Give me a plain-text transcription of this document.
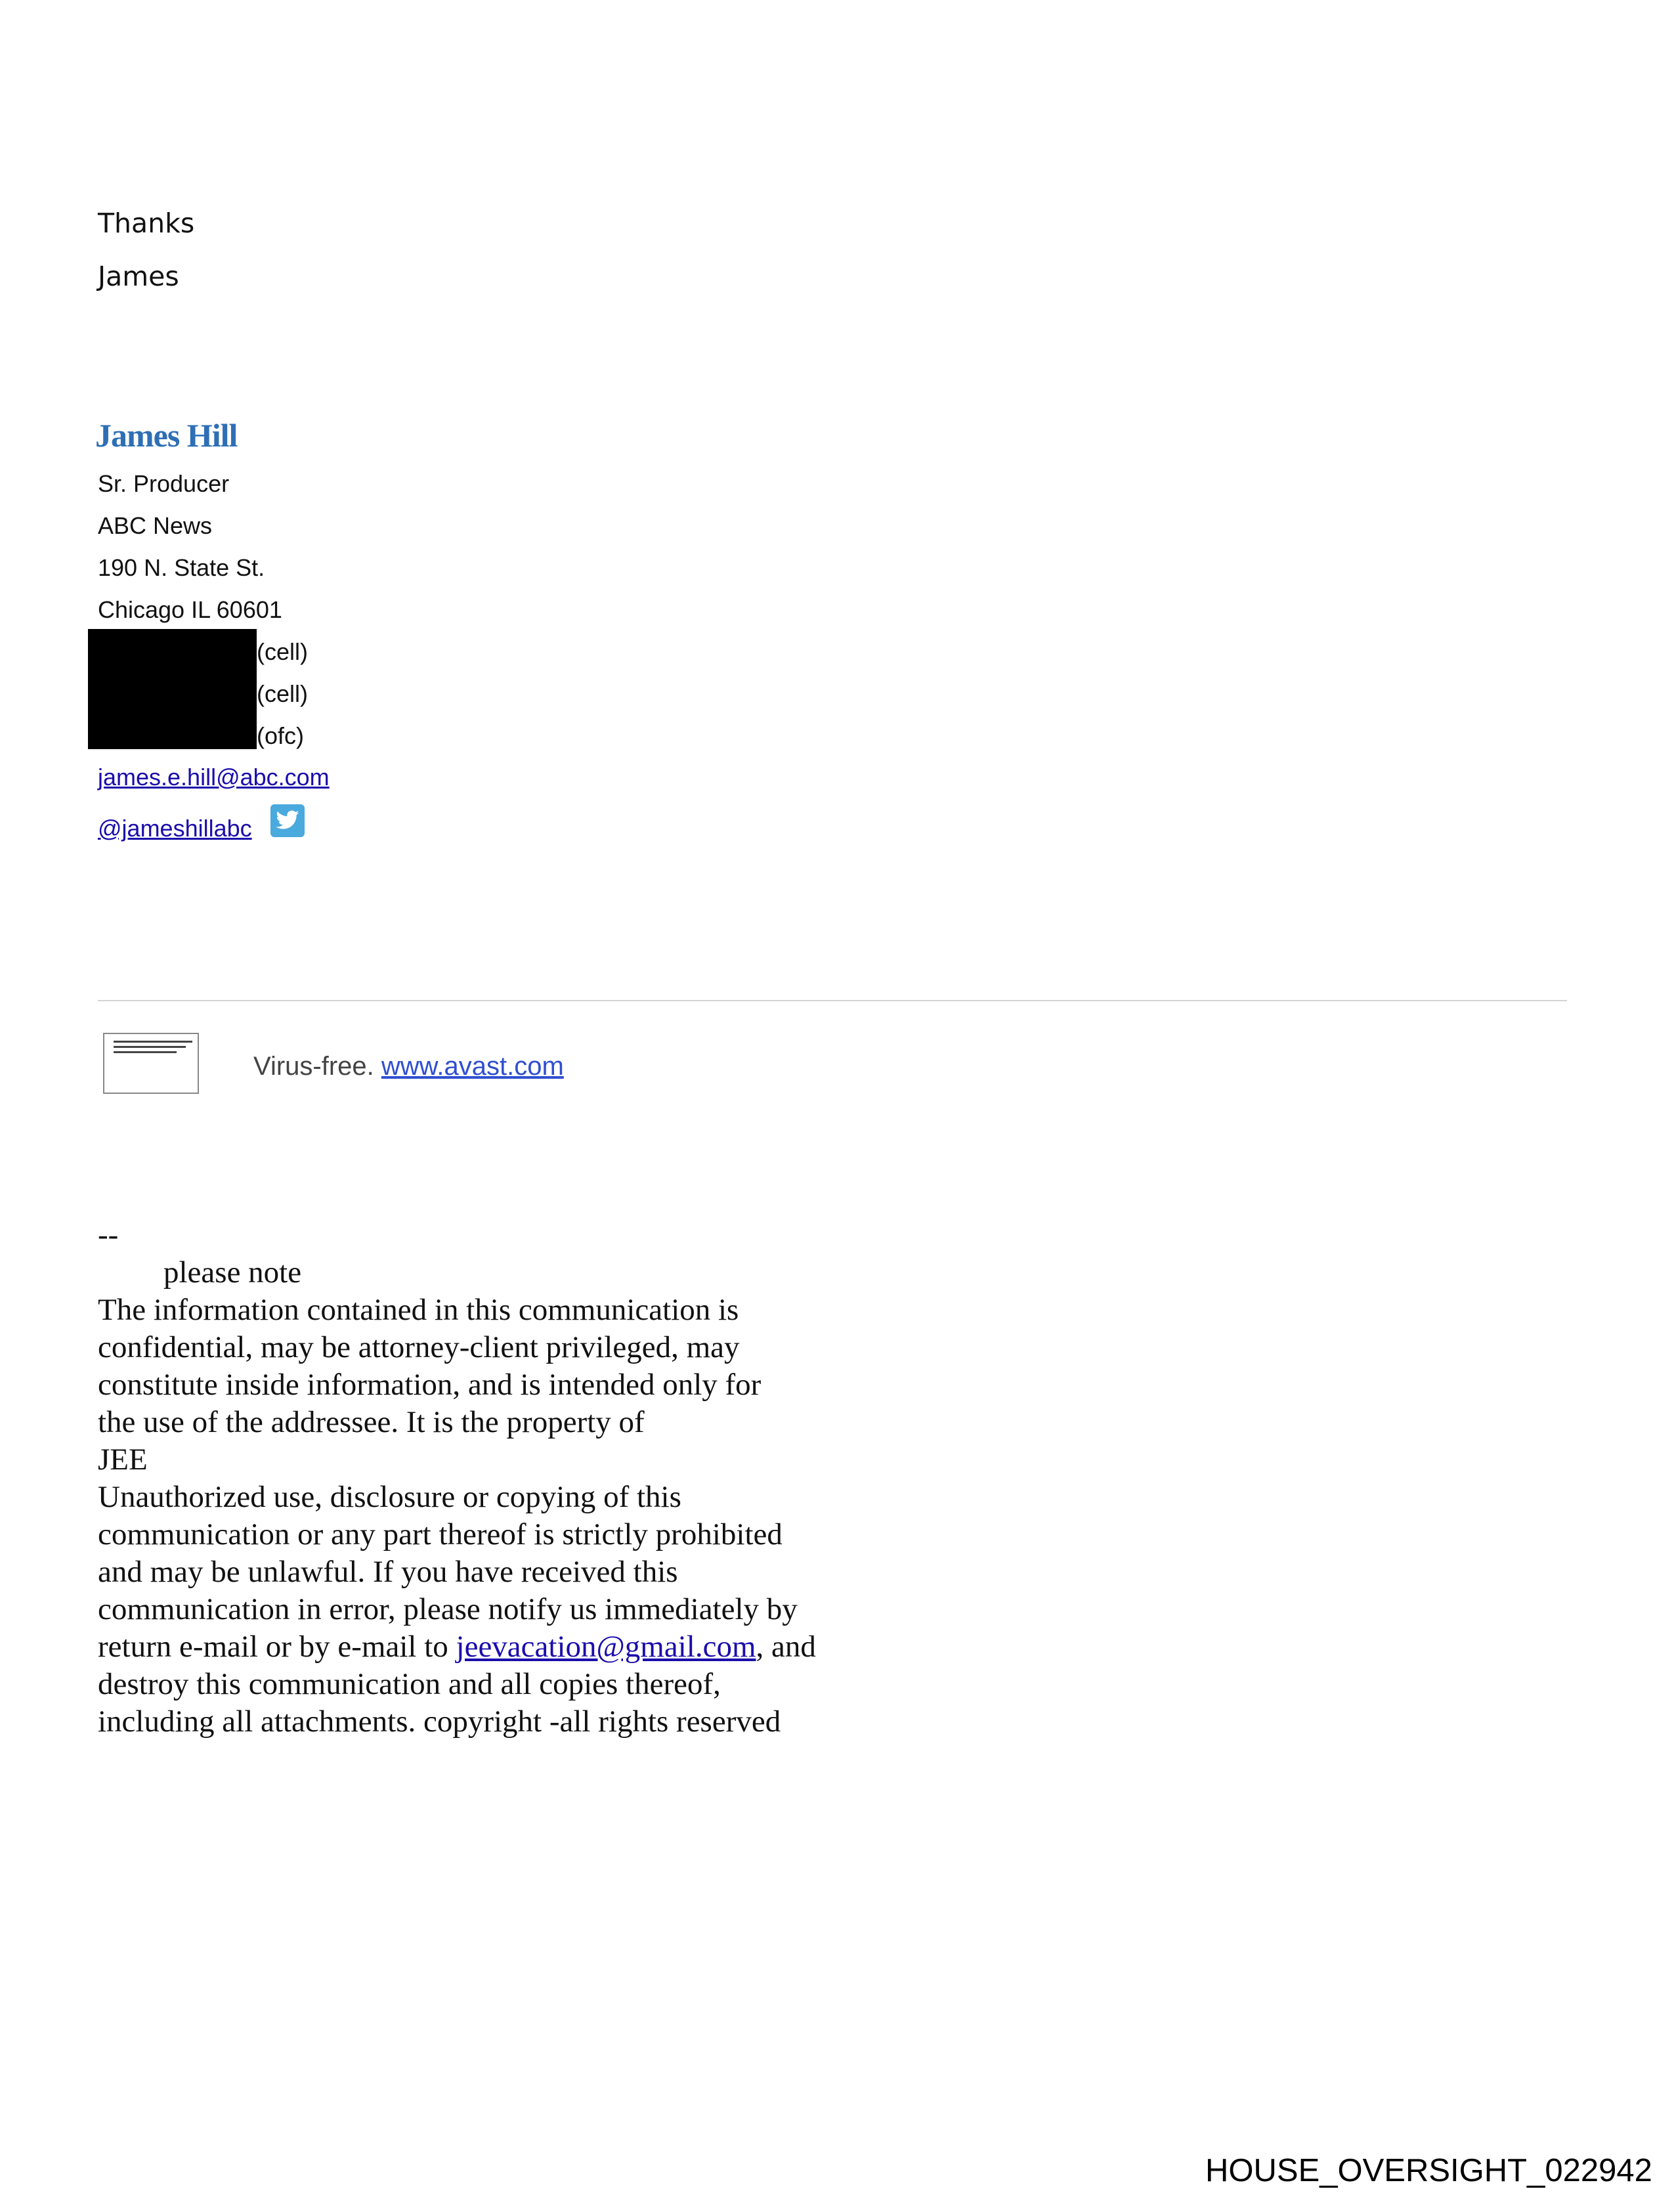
Thanks

James

James Hill

Sr. Producer

ABC News

190 N. State St.

Chicago IL 60601

(cell)

(cell)

(ofc)

james.e.hill@abc.com

@jameshillabc

Virus-free. www.avast.com

--
please note
The information contained in this communication is
confidential, may be attorney-client privileged, may
constitute inside information, and is intended only for
the use of the addressee. It is the property of
JEE
Unauthorized use, disclosure or copying of this
communication or any part thereof is strictly prohibited
and may be unlawful. If you have received this
communication in error, please notify us immediately by
return e-mail or by e-mail to jeevacation@gmail.com, and
destroy this communication and all copies thereof,
including all attachments. copyright -all rights reserved

HOUSE_OVERSIGHT_022942
